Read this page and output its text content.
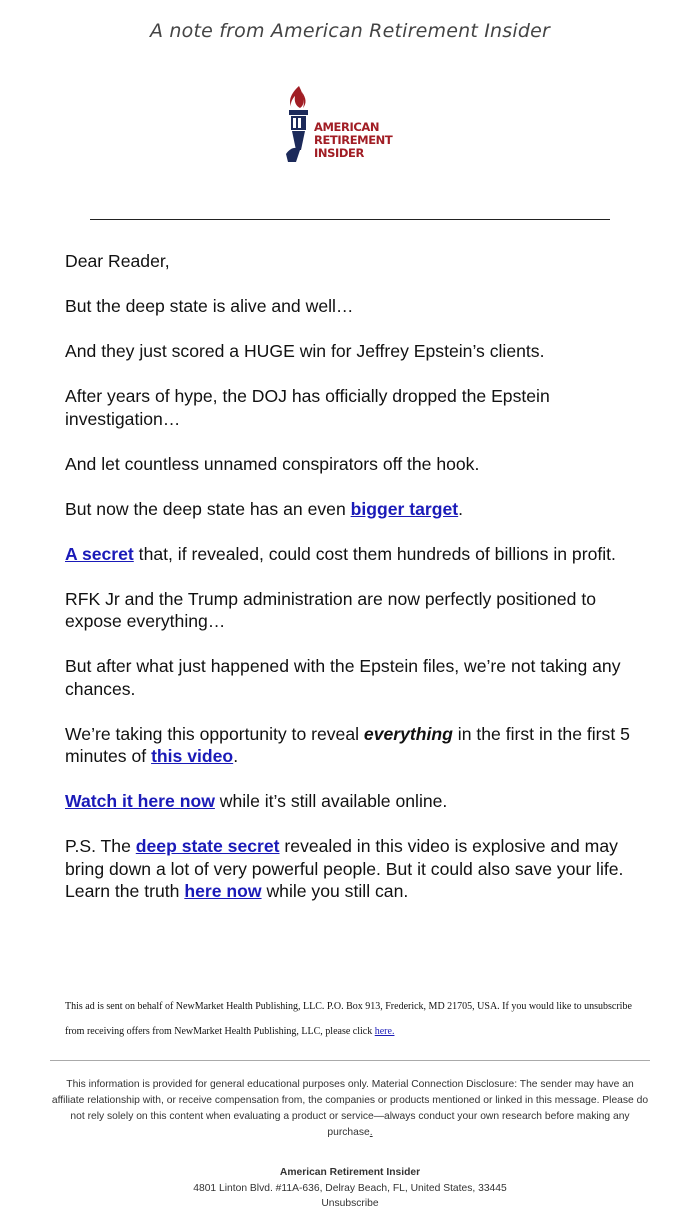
A note from American Retirement Insider
AMERICAN
RETIREMENT INSIDER

Dear Reader,

But the deep state is alive and well…

And they just scored a HUGE win for Jeffrey Epstein’s clients.

After years of hype, the DOJ has officially dropped the Epstein investigation…

And let countless unnamed conspirators off the hook.

But now the deep state has an even bigger target.

A secret that, if revealed, could cost them hundreds of billions in profit.

RFK Jr and the Trump administration are now perfectly positioned to expose everything…

But after what just happened with the Epstein files, we’re not taking any chances.

We’re taking this opportunity to reveal everything in the first in the first 5 minutes of this video.

Watch it here now while it’s still available online.

P.S. The deep state secret revealed in this video is explosive and may bring down a lot of very powerful people. But it could also save your life. Learn the truth here now while you still can.

This ad is sent on behalf of NewMarket Health Publishing, LLC. P.O. Box 913, Frederick, MD 21705, USA. If you would like to unsubscribe from receiving offers from NewMarket Health Publishing, LLC, please click here.
This information is provided for general educational purposes only. Material Connection Disclosure: The sender may have an affiliate relationship with, or receive compensation from, the companies or products mentioned or linked in this message. Please do not rely solely on this content when evaluating a product or service—always conduct your own research before making any purchase.
American Retirement Insider
4801 Linton Blvd. #11A-636, Delray Beach, FL, United States, 33445
Unsubscribe
